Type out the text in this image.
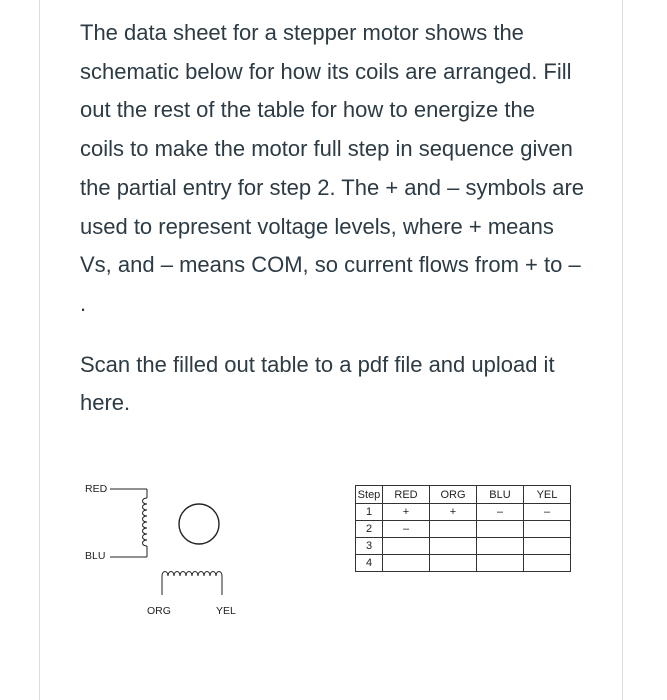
The data sheet for a stepper motor shows the schematic below for how its coils are arranged. Fill out the rest of the table for how to energize the coils to make the motor full step in sequence given the partial entry for step 2. The + and – symbols are used to represent voltage levels, where + means Vs, and – means COM, so current flows from + to – .

Scan the filled out table to a pdf file and upload it here.

RED
BLU
ORG	YEL
Step	RED	ORG	BLU	YEL
1	+	+	–	–
2	–			
3				
4				
